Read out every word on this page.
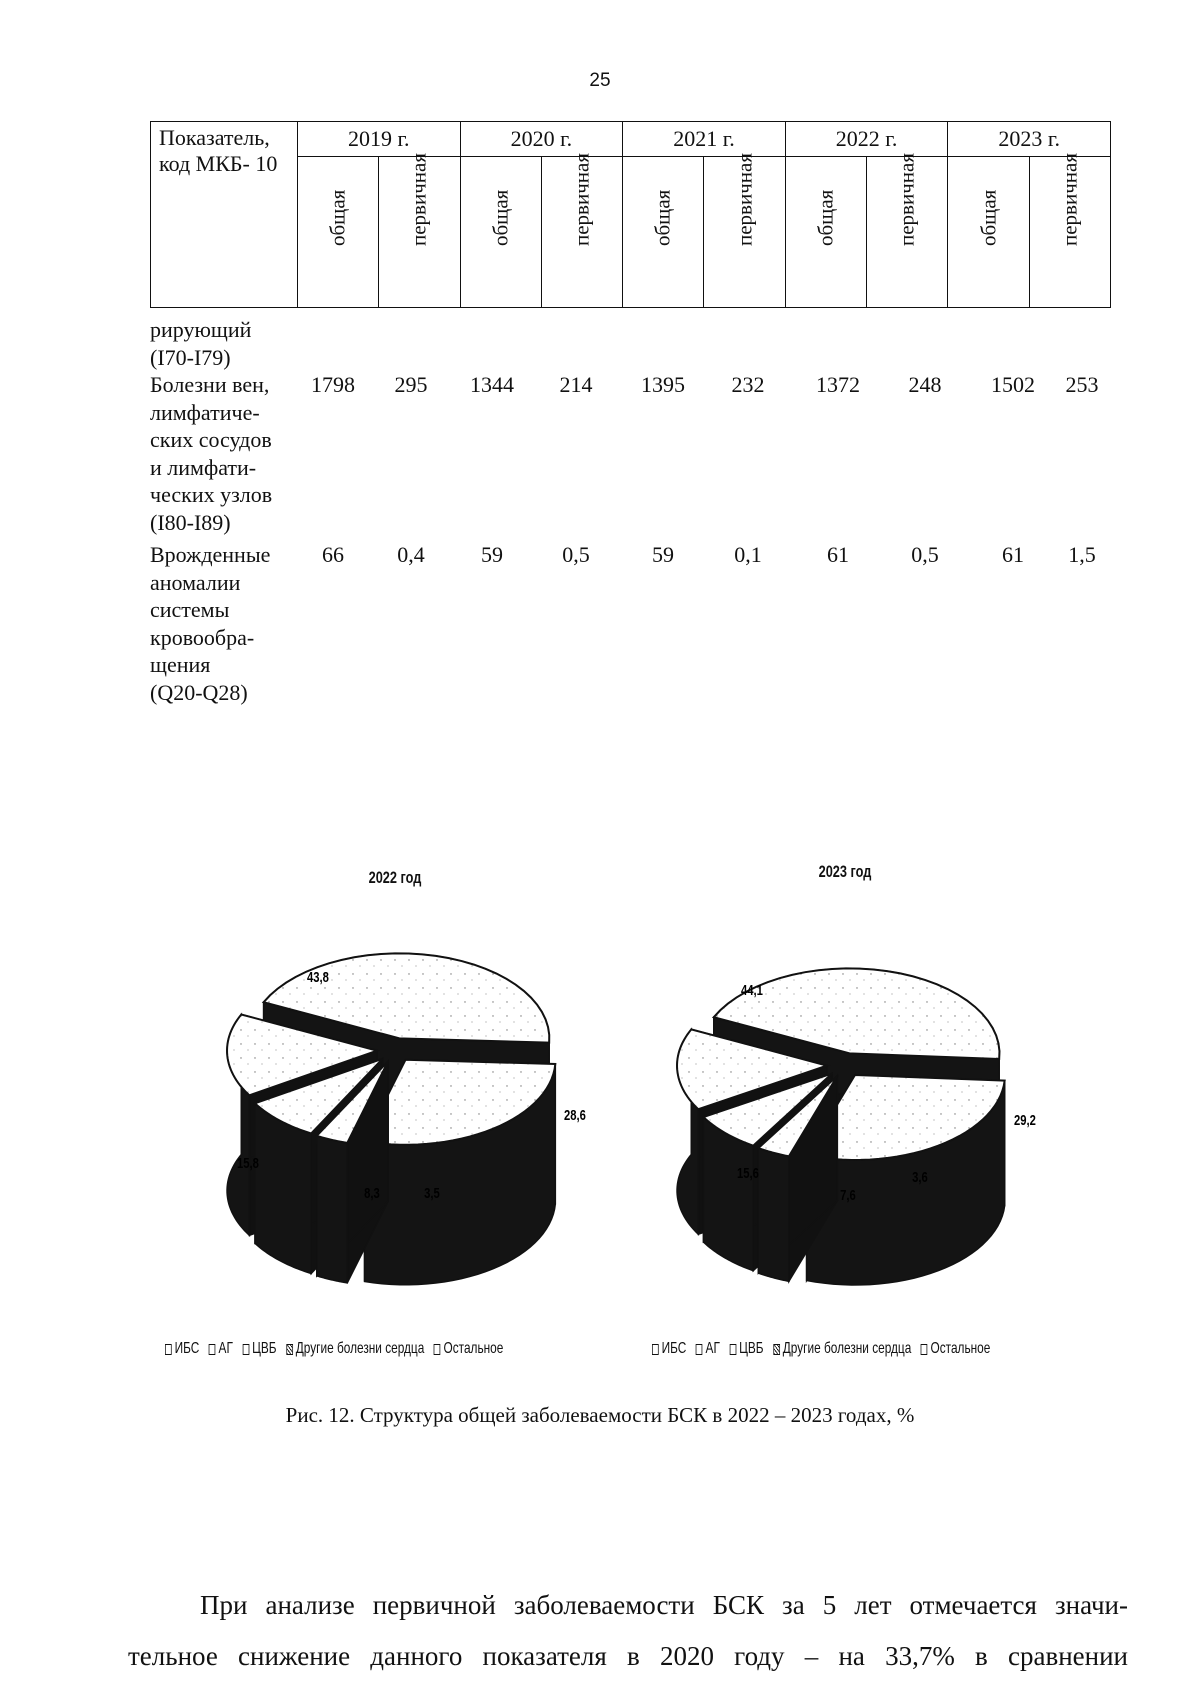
25
Показатель,
код МКБ- 10	2019 г.		2020 г.		2021 г.		2022 г.		2023 г.	

	общая	первичная	общая	первичная	общая	первичная	общая	первичная	общая	первичная
рирующий
(I70-I79)
Болезни вен,
лимфатиче-
ских сосудов
и лимфати-
ческих узлов
(I80-I89)
1798 295 1344 214 1395 232 1372 248 1502 253
Врожденные
аномалии
системы
кровообра-
щения
(Q20-Q28)
66 0,4	59	0,5	59	0,1	61	0,5	61 1,5
2022 год	2023 год
43,8
28,6
3,5
8,3
15,8
44,1
29,2
3,6
7,6
15,6
ИБС АГ ЦВБ Другие болезни сердца Остальное	ИБС АГ ЦВБ Другие болезни сердца Остальное
Рис. 12. Структура общей заболеваемости БСК в 2022 – 2023 годах, %
При анализе первичной заболеваемости БСК за 5 лет отмечается значи-
тельное снижение данного показателя в 2020 году – на 33,7% в сравнении
